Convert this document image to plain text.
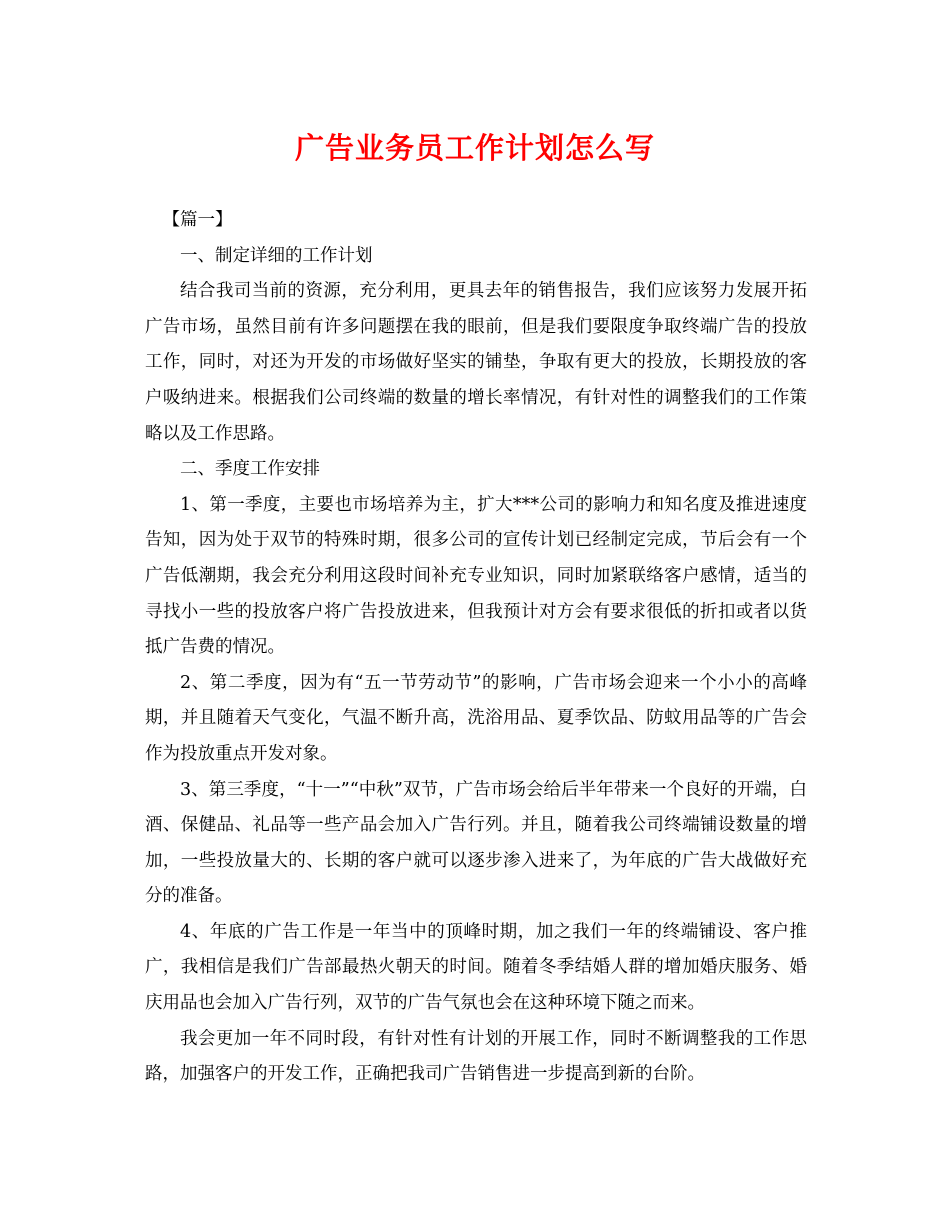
广告业务员工作计划怎么写

【篇一】

一、制定详细的工作计划

结合我司当前的资源，充分利用，更具去年的销售报告，我们应该努力发展开拓广告市场，虽然目前有许多问题摆在我的眼前，但是我们要限度争取终端广告的投放工作，同时，对还为开发的市场做好坚实的铺垫，争取有更大的投放，长期投放的客户吸纳进来。根据我们公司终端的数量的增长率情况，有针对性的调整我们的工作策略以及工作思路。

二、季度工作安排

1、第一季度，主要也市场培养为主，扩大***公司的影响力和知名度及推进速度告知，因为处于双节的特殊时期，很多公司的宣传计划已经制定完成，节后会有一个广告低潮期，我会充分利用这段时间补充专业知识，同时加紧联络客户感情，适当的寻找小一些的投放客户将广告投放进来，但我预计对方会有要求很低的折扣或者以货抵广告费的情况。

2、第二季度，因为有“五一节劳动节”的影响，广告市场会迎来一个小小的高峰期，并且随着天气变化，气温不断升高，洗浴用品、夏季饮品、防蚊用品等的广告会作为投放重点开发对象。

3、第三季度，“十一”“中秋”双节，广告市场会给后半年带来一个良好的开端，白酒、保健品、礼品等一些产品会加入广告行列。并且，随着我公司终端铺设数量的增加，一些投放量大的、长期的客户就可以逐步渗入进来了，为年底的广告大战做好充分的准备。

4、年底的广告工作是一年当中的顶峰时期，加之我们一年的终端铺设、客户推广，我相信是我们广告部最热火朝天的时间。随着冬季结婚人群的增加婚庆服务、婚庆用品也会加入广告行列，双节的广告气氛也会在这种环境下随之而来。

我会更加一年不同时段，有针对性有计划的开展工作，同时不断调整我的工作思路，加强客户的开发工作，正确把我司广告销售进一步提高到新的台阶。
